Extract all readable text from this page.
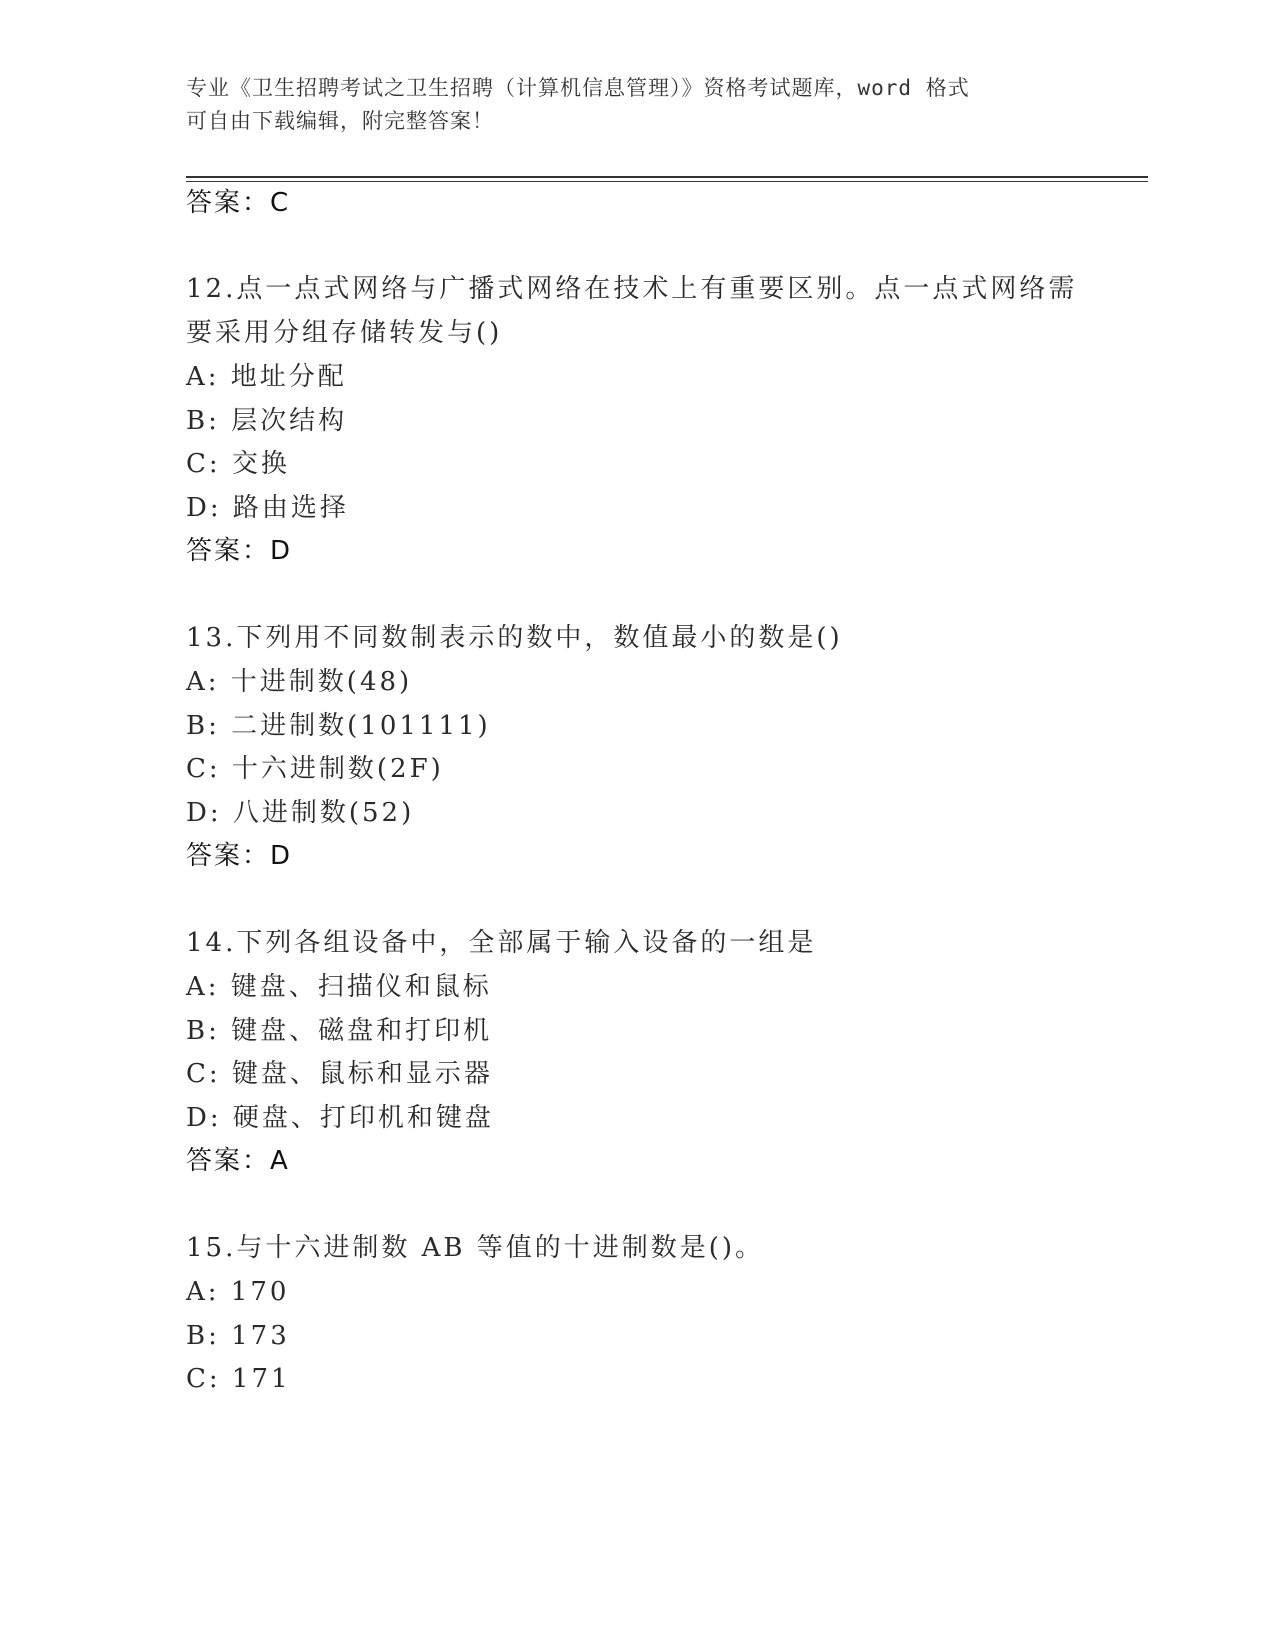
专业《卫生招聘考试之卫生招聘（计算机信息管理）》资格考试题库，word 格式
可自由下载编辑，附完整答案！
答案：C
12.点一点式网络与广播式网络在技术上有重要区别。点一点式网络需
要采用分组存储转发与()
A: 地址分配
B: 层次结构
C: 交换
D: 路由选择
答案：D
13.下列用不同数制表示的数中，数值最小的数是()
A: 十进制数(48)
B: 二进制数(101111)
C: 十六进制数(2F)
D: 八进制数(52)
答案：D
14.下列各组设备中，全部属于输入设备的一组是
A: 键盘、扫描仪和鼠标
B: 键盘、磁盘和打印机
C: 键盘、鼠标和显示器
D: 硬盘、打印机和键盘
答案：A
15.与十六进制数 AB 等值的十进制数是()。
A: 170
B: 173
C: 171
